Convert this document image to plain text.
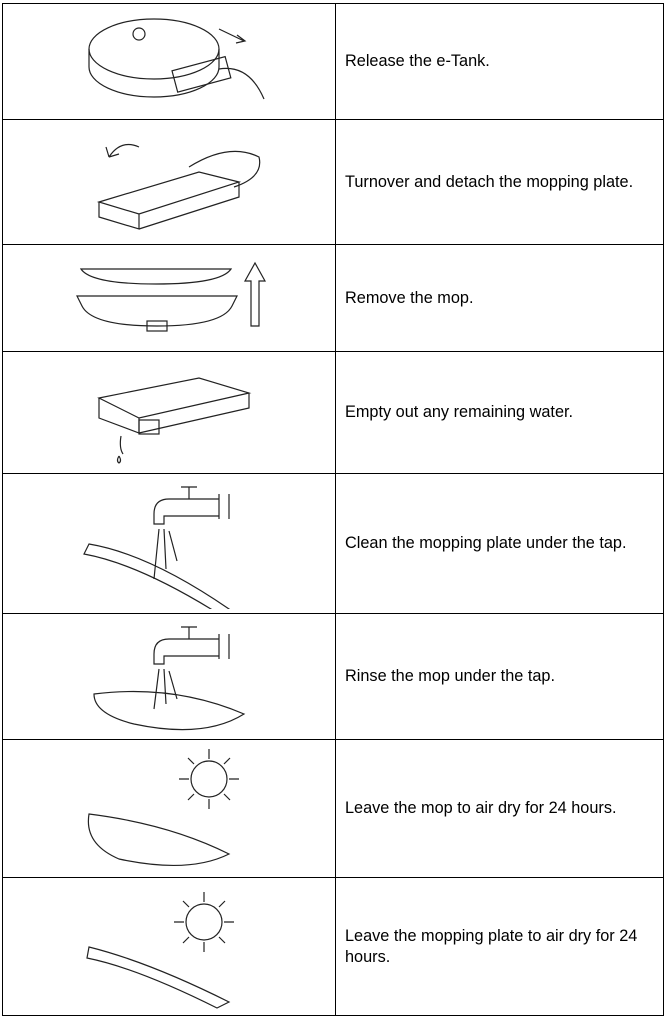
	Release the e-Tank.

	Turnover and detach the mopping plate.

	Remove the mop.

	Empty out any remaining water.

	Clean the mopping plate under the tap.

	Rinse the mop under the tap.

	Leave the mop to air dry for 24 hours.

	Leave the mopping plate to air dry for 24 hours.
